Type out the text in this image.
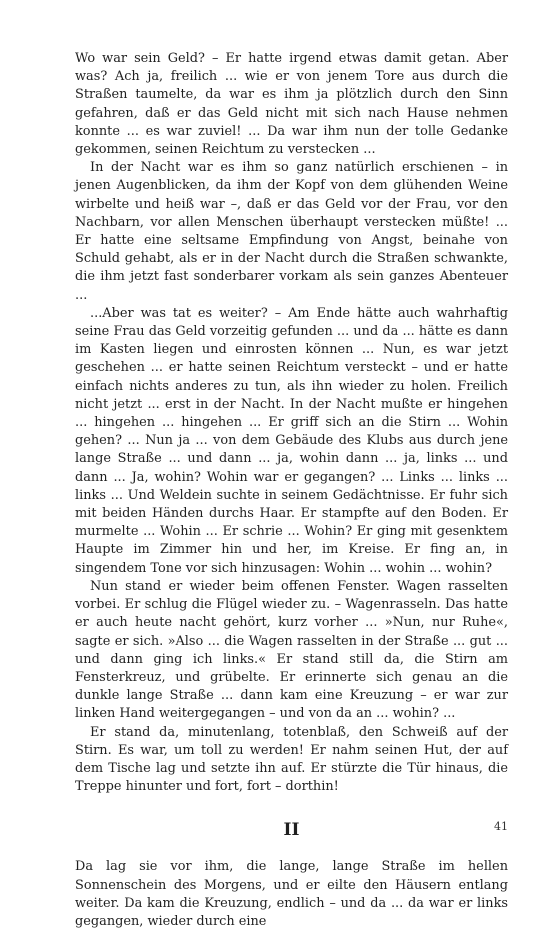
Wo war sein Geld? – Er hatte irgend etwas damit getan. Aber was? Ach ja, freilich ... wie er von jenem Tore aus durch die Straßen taumelte, da war es ihm ja plötzlich durch den Sinn gefahren, daß er das Geld nicht mit sich nach Hause nehmen konnte ... es war zuviel! ... Da war ihm nun der tolle Gedanke gekommen, seinen Reichtum zu verstecken ...

In der Nacht war es ihm so ganz natürlich erschienen – in jenen Augenblicken, da ihm der Kopf von dem glühenden Weine wirbelte und heiß war –, daß er das Geld vor der Frau, vor den Nachbarn, vor allen Menschen überhaupt verstecken müßte! ... Er hatte eine seltsame Empfindung von Angst, beinahe von Schuld gehabt, als er in der Nacht durch die Straßen schwankte, die ihm jetzt fast sonderbarer vorkam als sein ganzes Abenteuer ...

...Aber was tat es weiter? – Am Ende hätte auch wahrhaftig seine Frau das Geld vorzeitig gefunden ... und da ... hätte es dann im Kasten liegen und einrosten können ... Nun, es war jetzt geschehen ... er hatte seinen Reichtum versteckt – und er hatte einfach nichts anderes zu tun, als ihn wieder zu holen. Freilich nicht jetzt ... erst in der Nacht. In der Nacht mußte er hingehen ... hingehen ... hingehen ... Er griff sich an die Stirn ... Wohin gehen? ... Nun ja ... von dem Gebäude des Klubs aus durch jene lange Straße ... und dann ... ja, wohin dann ... ja, links ... und dann ... Ja, wohin? Wohin war er gegangen? ... Links ... links ... links ... Und Weldein suchte in seinem Gedächtnisse. Er fuhr sich mit beiden Händen durchs Haar. Er stampfte auf den Boden. Er murmelte ... Wohin ... Er schrie ... Wohin? Er ging mit gesenktem Haupte im Zimmer hin und her, im Kreise. Er fing an, in singendem Tone vor sich hinzusagen: Wohin ... wohin ... wohin?

Nun stand er wieder beim offenen Fenster. Wagen rasselten vorbei. Er schlug die Flügel wieder zu. – Wagenrasseln. Das hatte er auch heute nacht gehört, kurz vorher ... »Nun, nur Ruhe«, sagte er sich. »Also ... die Wagen rasselten in der Straße ... gut ... und dann ging ich links.« Er stand still da, die Stirn am Fensterkreuz, und grübelte. Er erinnerte sich genau an die dunkle lange Straße ... dann kam eine Kreuzung – er war zur linken Hand weitergegangen – und von da an ... wohin? ...

Er stand da, minutenlang, totenblaß, den Schweiß auf der Stirn. Es war, um toll zu werden! Er nahm seinen Hut, der auf dem Tische lag und setzte ihn auf. Er stürzte die Tür hinaus, die Treppe hinunter und fort, fort – dorthin!

II

Da lag sie vor ihm, die lange, lange Straße im hellen Sonnenschein des Morgens, und er eilte den Häusern entlang weiter. Da kam die Kreuzung, endlich – und da ... da war er links gegangen, wieder durch eine

41
